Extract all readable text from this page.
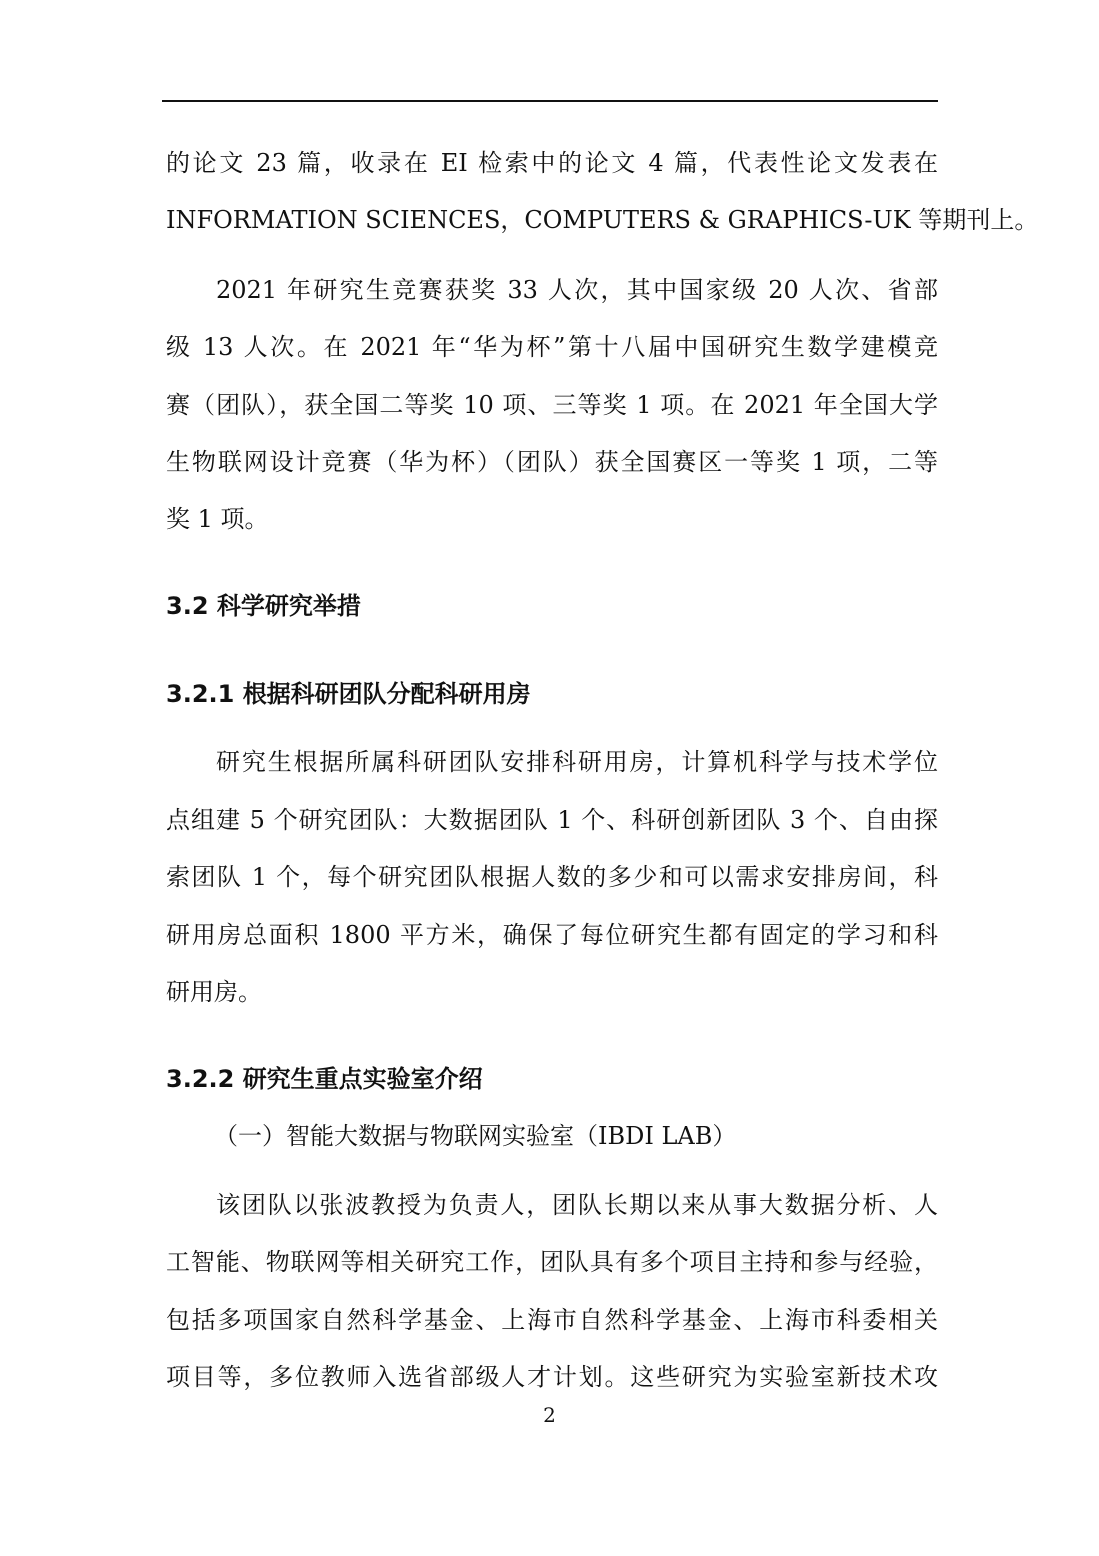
的论文 23 篇，收录在 EI 检索中的论文 4 篇，代表性论文发表在
INFORMATION SCIENCES，COMPUTERS & GRAPHICS-UK 等期刊上。
2021 年研究生竞赛获奖 33 人次，其中国家级 20 人次、省部
级 13 人次。在 2021 年“华为杯”第十八届中国研究生数学建模竞
赛（团队），获全国二等奖 10 项、三等奖 1 项。在 2021 年全国大学
生物联网设计竞赛（华为杯）（团队）获全国赛区一等奖 1 项，二等
奖 1 项。
3.2 科学研究举措
3.2.1 根据科研团队分配科研用房
研究生根据所属科研团队安排科研用房，计算机科学与技术学位
点组建 5 个研究团队：大数据团队 1 个、科研创新团队 3 个、自由探
索团队 1 个，每个研究团队根据人数的多少和可以需求安排房间，科
研用房总面积 1800 平方米，确保了每位研究生都有固定的学习和科
研用房。
3.2.2 研究生重点实验室介绍
（一）智能大数据与物联网实验室（IBDI LAB）
该团队以张波教授为负责人，团队长期以来从事大数据分析、人
工智能、物联网等相关研究工作，团队具有多个项目主持和参与经验，
包括多项国家自然科学基金、上海市自然科学基金、上海市科委相关
项目等，多位教师入选省部级人才计划。这些研究为实验室新技术攻
2
